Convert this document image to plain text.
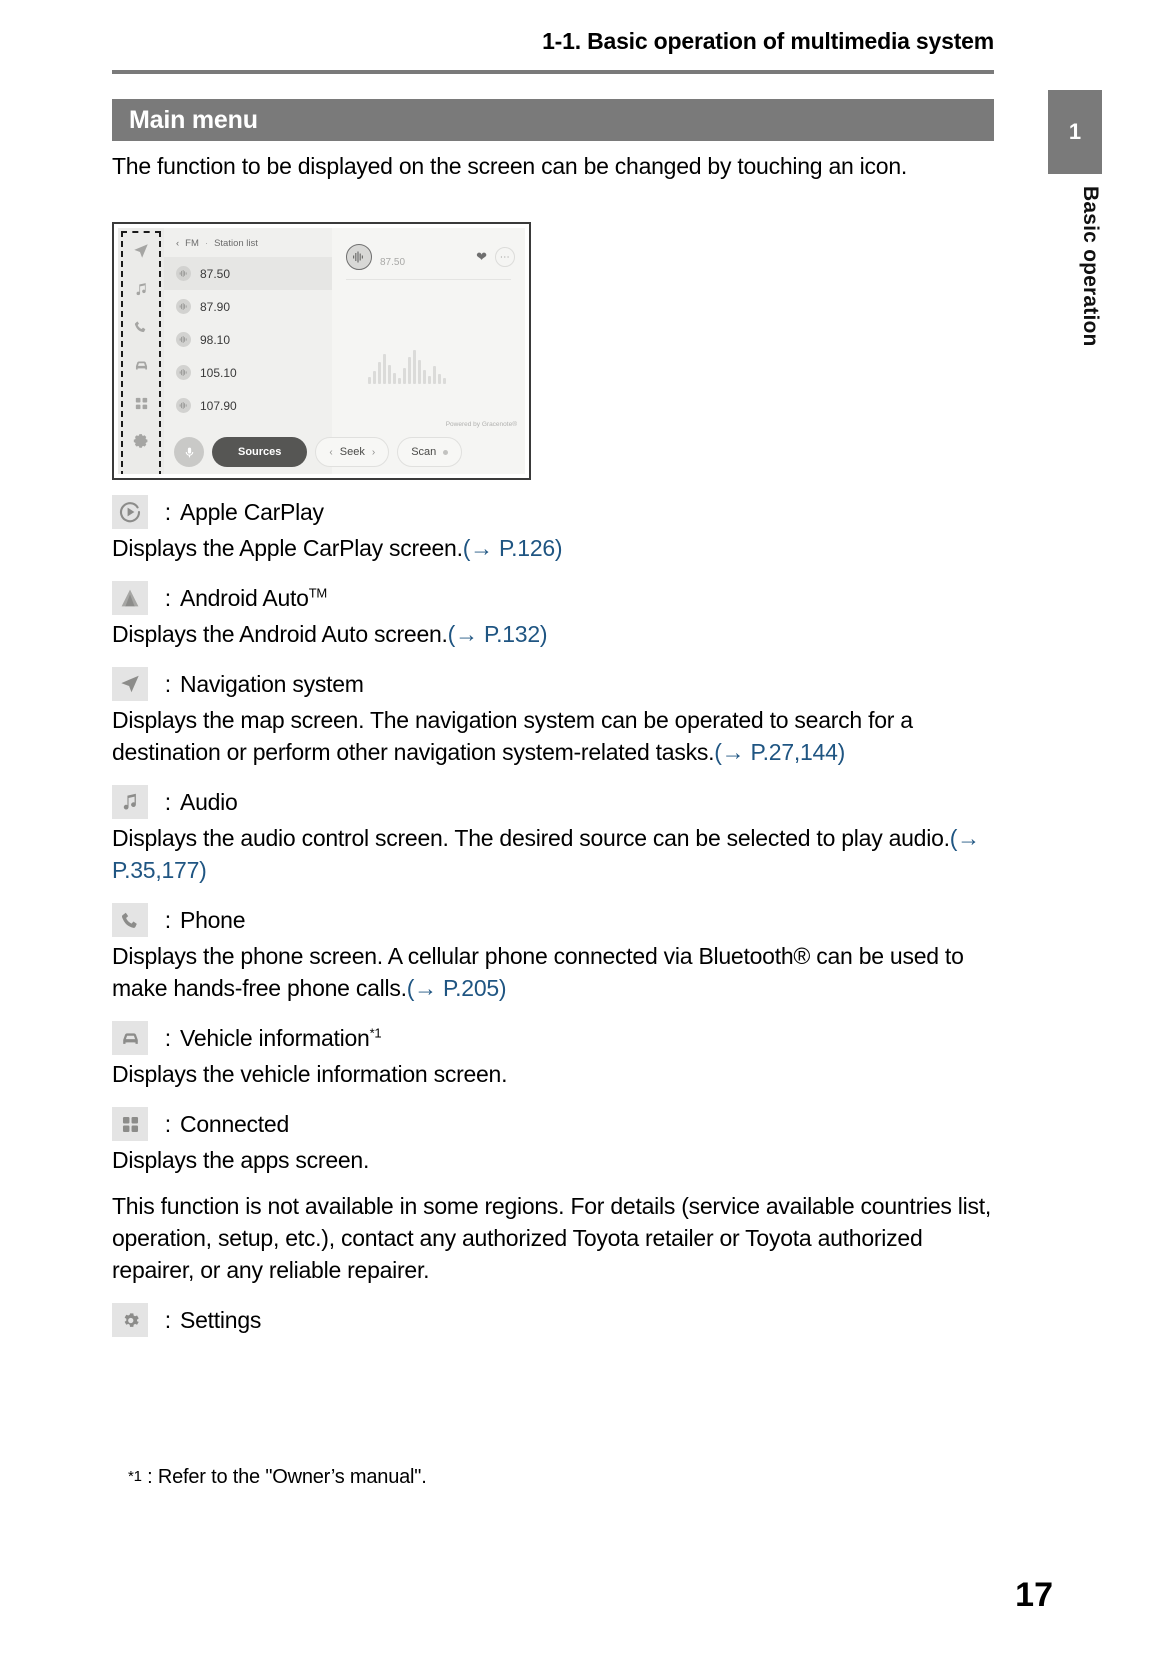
1-1. Basic operation of multimedia system
1
Basic operation
Main menu

The function to be displayed on the screen can be changed by touching an icon.

‹ FM · Station list
87.50
87.90
98.10
105.10
107.90
87.50	❤	⋯
Powered by Gracenote®
Sources	‹ Seek ›	Scan
: Apple CarPlay

Displays the Apple CarPlay screen.(→ P.126)

: Android Auto™

Displays the Android Auto screen.(→ P.132)

: Navigation system

Displays the map screen. The navigation system can be operated to search for a destination or perform other navigation system-related tasks.(→ P.27,144)

: Audio

Displays the audio control screen. The desired source can be selected to play audio.(→ P.35,177)

: Phone

Displays the phone screen. A cellular phone connected via Bluetooth® can be used to make hands-free phone calls.(→ P.205)

: Vehicle information$^{*1}$

Displays the vehicle information screen.

: Connected

Displays the apps screen.

This function is not available in some regions. For details (service available countries list, operation, setup, etc.), contact any authorized Toyota retailer or Toyota authorized repairer, or any reliable repairer.

: Settings
*1 : Refer to the "Owner’s manual".
17
